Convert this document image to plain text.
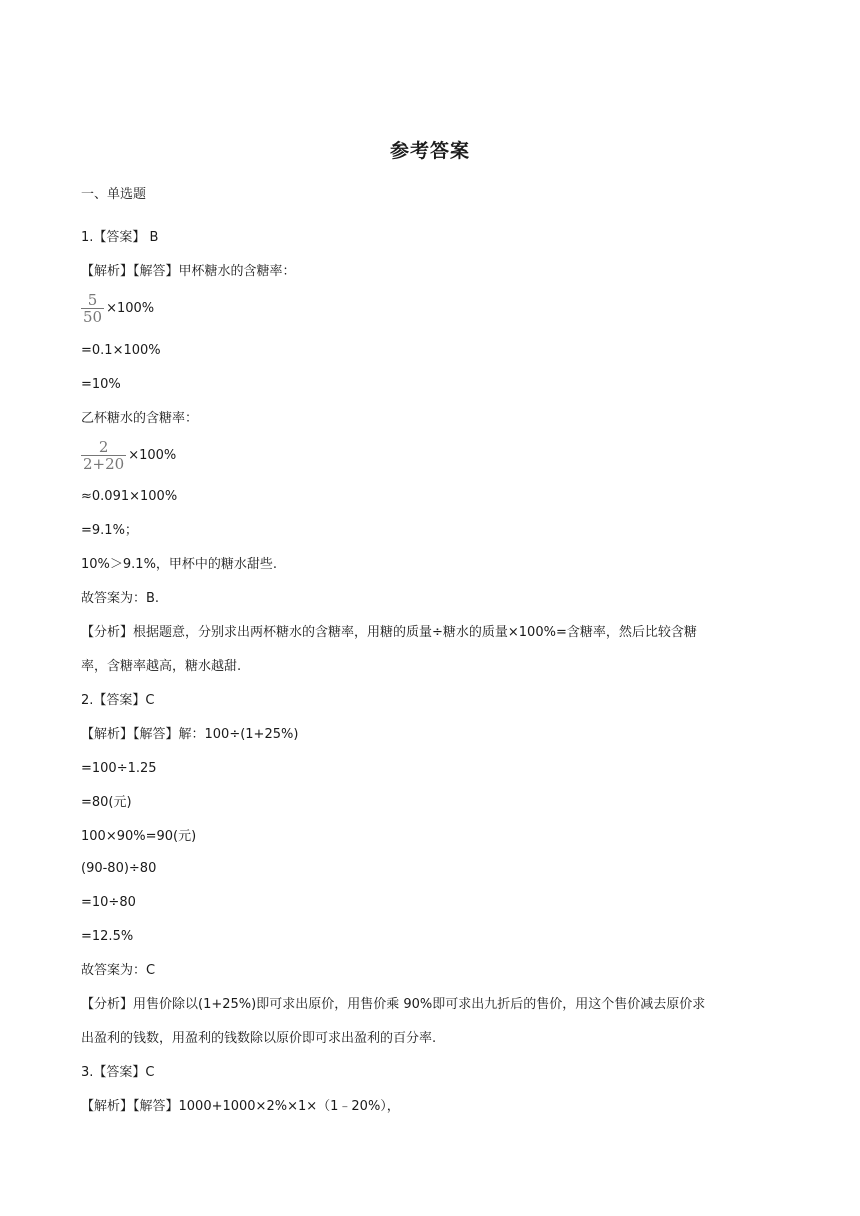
参考答案
一、单选题
1.【答案】 B
【解析】【解答】甲杯糖水的含糖率：
$\frac{5}{50} \times 100\%$
=0.1×100%
=10%
乙杯糖水的含糖率：
$\frac{2}{2+20} \times 100\%$
≈0.091×100%
=9.1%；
10%＞9.1%，甲杯中的糖水甜些.
故答案为：B.
【分析】根据题意，分别求出两杯糖水的含糖率，用糖的质量÷糖水的质量×100%=含糖率，然后比较含糖
率，含糖率越高，糖水越甜.
2.【答案】C
【解析】【解答】解：100÷(1+25%)
=100÷1.25
=80(元)
100×90%=90(元)
(90-80)÷80
=10÷80
=12.5%
故答案为：C
【分析】用售价除以(1+25%)即可求出原价，用售价乘 90%即可求出九折后的售价，用这个售价减去原价求
出盈利的钱数，用盈利的钱数除以原价即可求出盈利的百分率.
3.【答案】C
【解析】【解答】1000+1000×2%×1×（1﹣20%），
